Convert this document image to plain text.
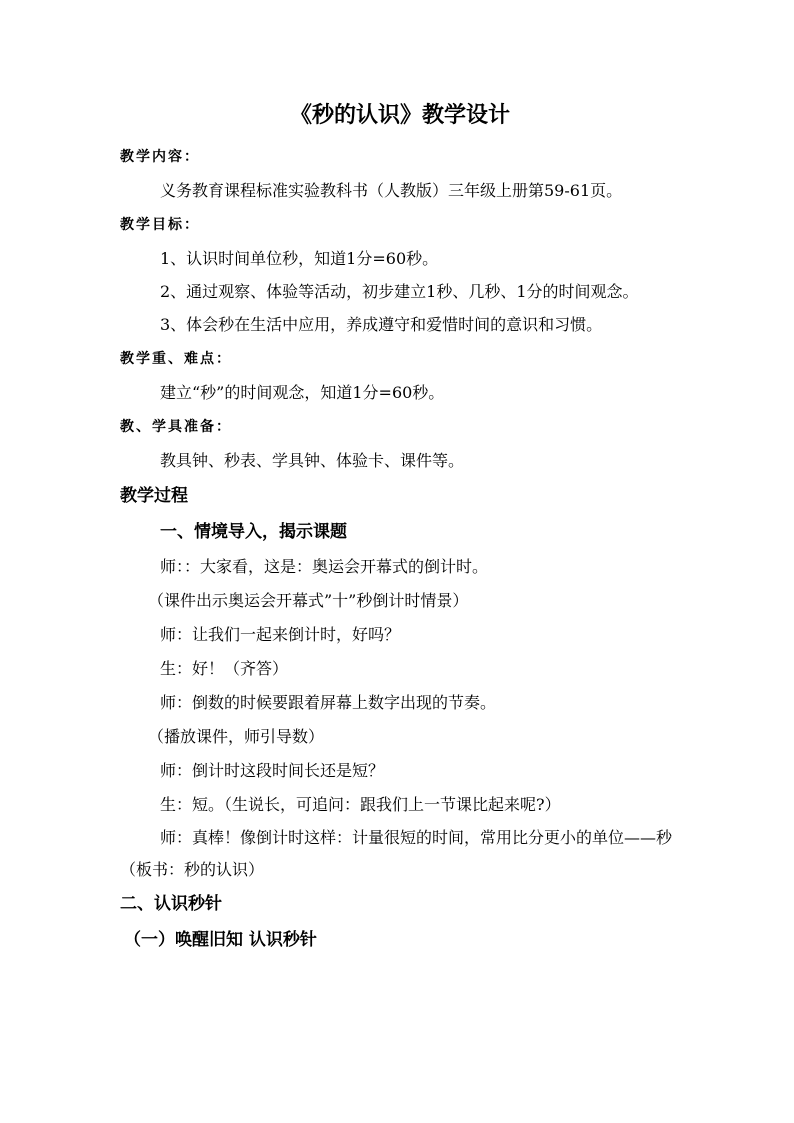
《秒的认识》教学设计
教学内容：

义务教育课程标准实验教科书（人教版）三年级上册第59-61页。

教学目标：

1、认识时间单位秒，知道1分=60秒。

2、通过观察、体验等活动，初步建立1秒、几秒、1分的时间观念。

3、体会秒在生活中应用，养成遵守和爱惜时间的意识和习惯。

教学重、难点：

建立“秒”的时间观念，知道1分=60秒。

教、学具准备：

教具钟、秒表、学具钟、体验卡、课件等。

教学过程
一、情境导入，揭示课题

师：：大家看，这是：奥运会开幕式的倒计时。

（课件出示奥运会开幕式”十”秒倒计时情景）

师：让我们一起来倒计时，好吗？

生：好！（齐答）

师：倒数的时候要跟着屏幕上数字出现的节奏。

（播放课件，师引导数）

师：倒计时这段时间长还是短？

生：短。（生说长，可追问：跟我们上一节课比起来呢?）

师：真棒！像倒计时这样：计量很短的时间，常用比分更小的单位——秒（板书：秒的认识）

二、认识秒针
（一）唤醒旧知 认识秒针
